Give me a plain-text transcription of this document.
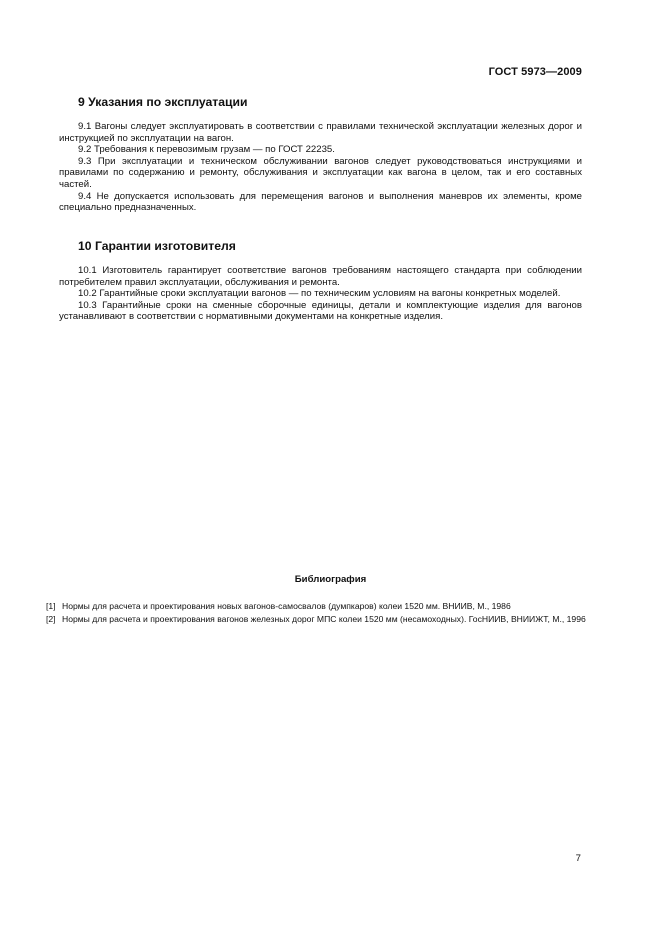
ГОСТ 5973—2009
9 Указания по эксплуатации

9.1 Вагоны следует эксплуатировать в соответствии с правилами технической эксплуатации железных дорог и инструкцией по эксплуатации на вагон.

9.2 Требования к перевозимым грузам — по ГОСТ 22235.

9.3 При эксплуатации и техническом обслуживании вагонов следует руководствоваться инструкциями и правилами по содержанию и ремонту, обслуживания и эксплуатации как вагона в целом, так и его составных частей.

9.4 Не допускается использовать для перемещения вагонов и выполнения маневров их элементы, кроме специально предназначенных.

10 Гарантии изготовителя

10.1 Изготовитель гарантирует соответствие вагонов требованиям настоящего стандарта при соблюдении потребителем правил эксплуатации, обслуживания и ремонта.

10.2 Гарантийные сроки эксплуатации вагонов — по техническим условиям на вагоны конкретных моделей.

10.3 Гарантийные сроки на сменные сборочные единицы, детали и комплектующие изделия для вагонов устанавливают в соответствии с нормативными документами на конкретные изделия.

Библиография
[1] Нормы для расчета и проектирования новых вагонов-самосвалов (думпкаров) колеи 1520 мм. ВНИИВ, М., 1986
[2] Нормы для расчета и проектирования вагонов железных дорог МПС колеи 1520 мм (несамоходных). ГосНИИВ, ВНИИЖТ, М., 1996
7
